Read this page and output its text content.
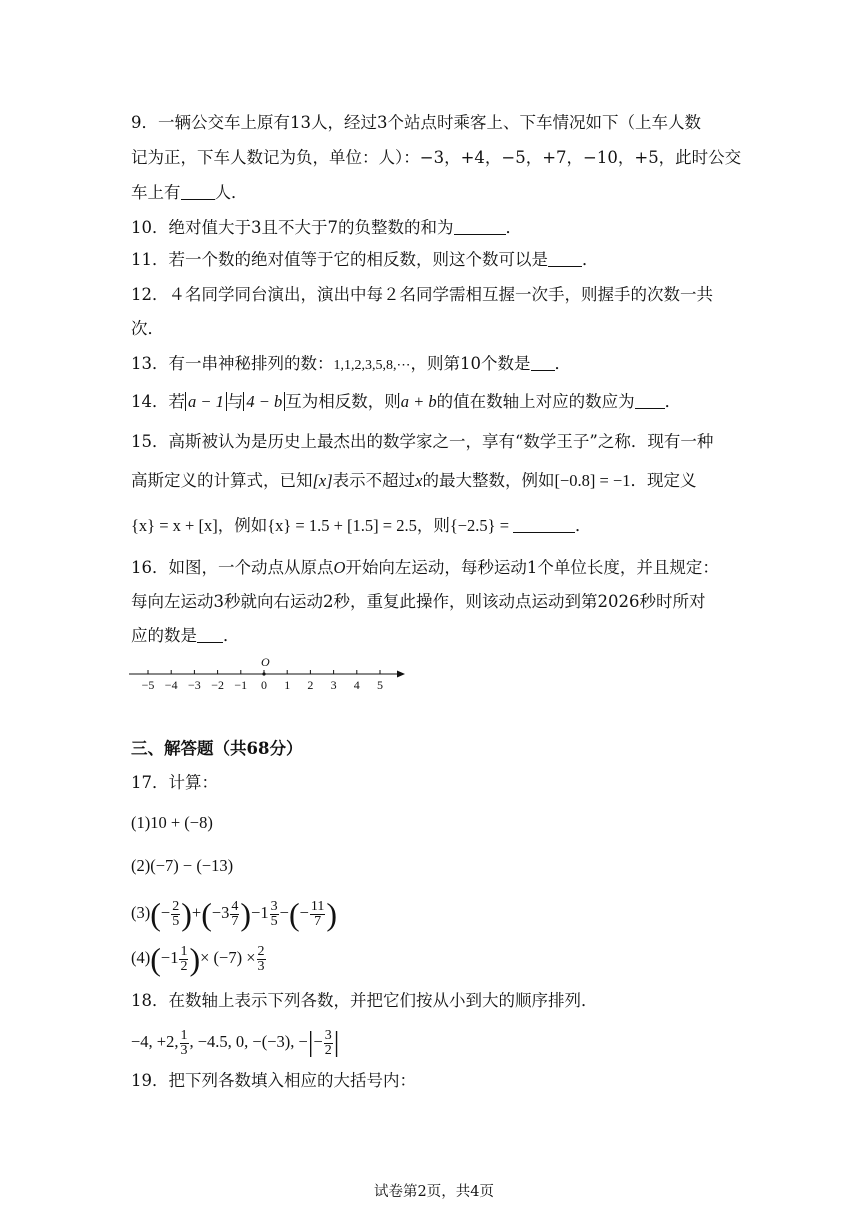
9．一辆公交车上原有13人，经过3个站点时乘客上、下车情况如下（上车人数
记为正，下车人数记为负，单位：人）：−3，+4，−5，+7，−10，+5，此时公交
车上有 人．
10．绝对值大于3且不大于7的负整数的和为	．
11．若一个数的绝对值等于它的相反数，则这个数可以是 ．
12．４名同学同台演出，演出中每２名同学需相互握一次手，则握手的次数一共
次．
13．有一串神秘排列的数：1,1,2,3,5,8,⋯，则第10个数是 ．
14．若 a − 1 与 4 − b 互为相反数，则a + b的值在数轴上对应的数应为 ．
15．高斯被认为是历史上最杰出的数学家之一，享有“数学王子”之称．现有一种
高斯定义的计算式，已知[x]表示不超过x的最大整数，例如[−0.8] = −1．现定义
{x} = x + [x]，例如{x} = 1.5 + [1.5] = 2.5，则{−2.5} =	．
16．如图，一个动点从原点O开始向左运动，每秒运动1个单位长度，并且规定：
每向左运动3秒就向右运动2秒，重复此操作，则该动点运动到第2026秒时所对
应的数是 ．
O
−5 −4 −3 −2 −1 0 1 2 3 4 5
三、解答题（共68分）
17．计算：
(1)10 + (−8)
(2)(−7) − (−13)
$(3)(- \frac{2}{5} )+(-3 \frac{4}{7} )-1 \frac{3}{5}$ −(− $\frac{11}{7}$ )
$(4)(-1 \frac{1}{2}$ )× $(-7) \times \frac{2}{3}$
18．在数轴上表示下列各数，并把它们按从小到大的顺序排列．
−4, +2, $\frac{1}{3}$ , −4.5, 0, −(−3), −|− $\frac{3}{2}$ |
19．把下列各数填入相应的大括号内：
试卷第2页，共4页
